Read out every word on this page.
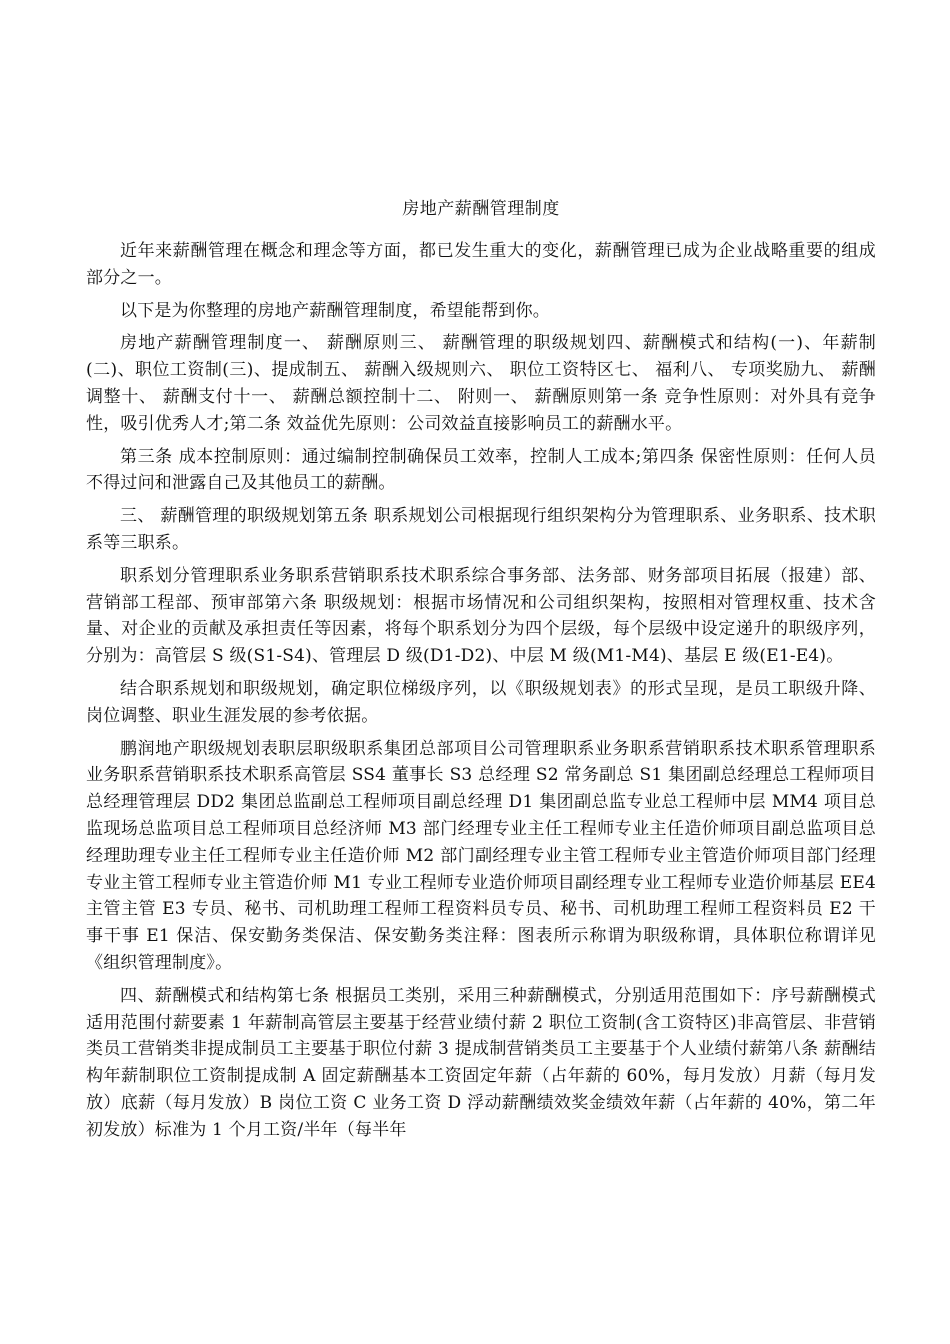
房地产薪酬管理制度

近年来薪酬管理在概念和理念等方面，都已发生重大的变化，薪酬管理已成为企业战略重要的组成部分之一。

以下是为你整理的房地产薪酬管理制度，希望能帮到你。

房地产薪酬管理制度一、 薪酬原则三、 薪酬管理的职级规划四、薪酬模式和结构(一)、年薪制(二)、职位工资制(三)、提成制五、 薪酬入级规则六、 职位工资特区七、 福利八、 专项奖励九、 薪酬调整十、 薪酬支付十一、 薪酬总额控制十二、 附则一、 薪酬原则第一条 竞争性原则：对外具有竞争性，吸引优秀人才;第二条 效益优先原则：公司效益直接影响员工的薪酬水平。

第三条 成本控制原则：通过编制控制确保员工效率，控制人工成本;第四条 保密性原则：任何人员不得过问和泄露自己及其他员工的薪酬。

三、 薪酬管理的职级规划第五条 职系规划公司根据现行组织架构分为管理职系、业务职系、技术职系等三职系。

职系划分管理职系业务职系营销职系技术职系综合事务部、法务部、财务部项目拓展（报建）部、营销部工程部、预审部第六条 职级规划：根据市场情况和公司组织架构，按照相对管理权重、技术含量、对企业的贡献及承担责任等因素，将每个职系划分为四个层级，每个层级中设定递升的职级序列，分别为：高管层 S 级(S1-S4)、管理层 D 级(D1-D2)、中层 M 级(M1-M4)、基层 E 级(E1-E4)。

结合职系规划和职级规划，确定职位梯级序列，以《职级规划表》的形式呈现，是员工职级升降、岗位调整、职业生涯发展的参考依据。

鹏润地产职级规划表职层职级职系集团总部项目公司管理职系业务职系营销职系技术职系管理职系业务职系营销职系技术职系高管层 SS4 董事长 S3 总经理 S2 常务副总 S1 集团副总经理总工程师项目总经理管理层 DD2 集团总监副总工程师项目副总经理 D1 集团副总监专业总工程师中层 MM4 项目总监现场总监项目总工程师项目总经济师 M3 部门经理专业主任工程师专业主任造价师项目副总监项目总经理助理专业主任工程师专业主任造价师 M2 部门副经理专业主管工程师专业主管造价师项目部门经理专业主管工程师专业主管造价师 M1 专业工程师专业造价师项目副经理专业工程师专业造价师基层 EE4 主管主管 E3 专员、秘书、司机助理工程师工程资料员专员、秘书、司机助理工程师工程资料员 E2 干事干事 E1 保洁、保安勤务类保洁、保安勤务类注释：图表所示称谓为职级称谓，具体职位称谓详见《组织管理制度》。

四、薪酬模式和结构第七条 根据员工类别，采用三种薪酬模式，分别适用范围如下：序号薪酬模式适用范围付薪要素 1 年薪制高管层主要基于经营业绩付薪 2 职位工资制(含工资特区)非高管层、非营销类员工营销类非提成制员工主要基于职位付薪 3 提成制营销类员工主要基于个人业绩付薪第八条 薪酬结构年薪制职位工资制提成制 A 固定薪酬基本工资固定年薪（占年薪的 60%，每月发放）月薪（每月发放）底薪（每月发放）B 岗位工资 C 业务工资 D 浮动薪酬绩效奖金绩效年薪（占年薪的 40%，第二年初发放）标准为 1 个月工资/半年（每半年
